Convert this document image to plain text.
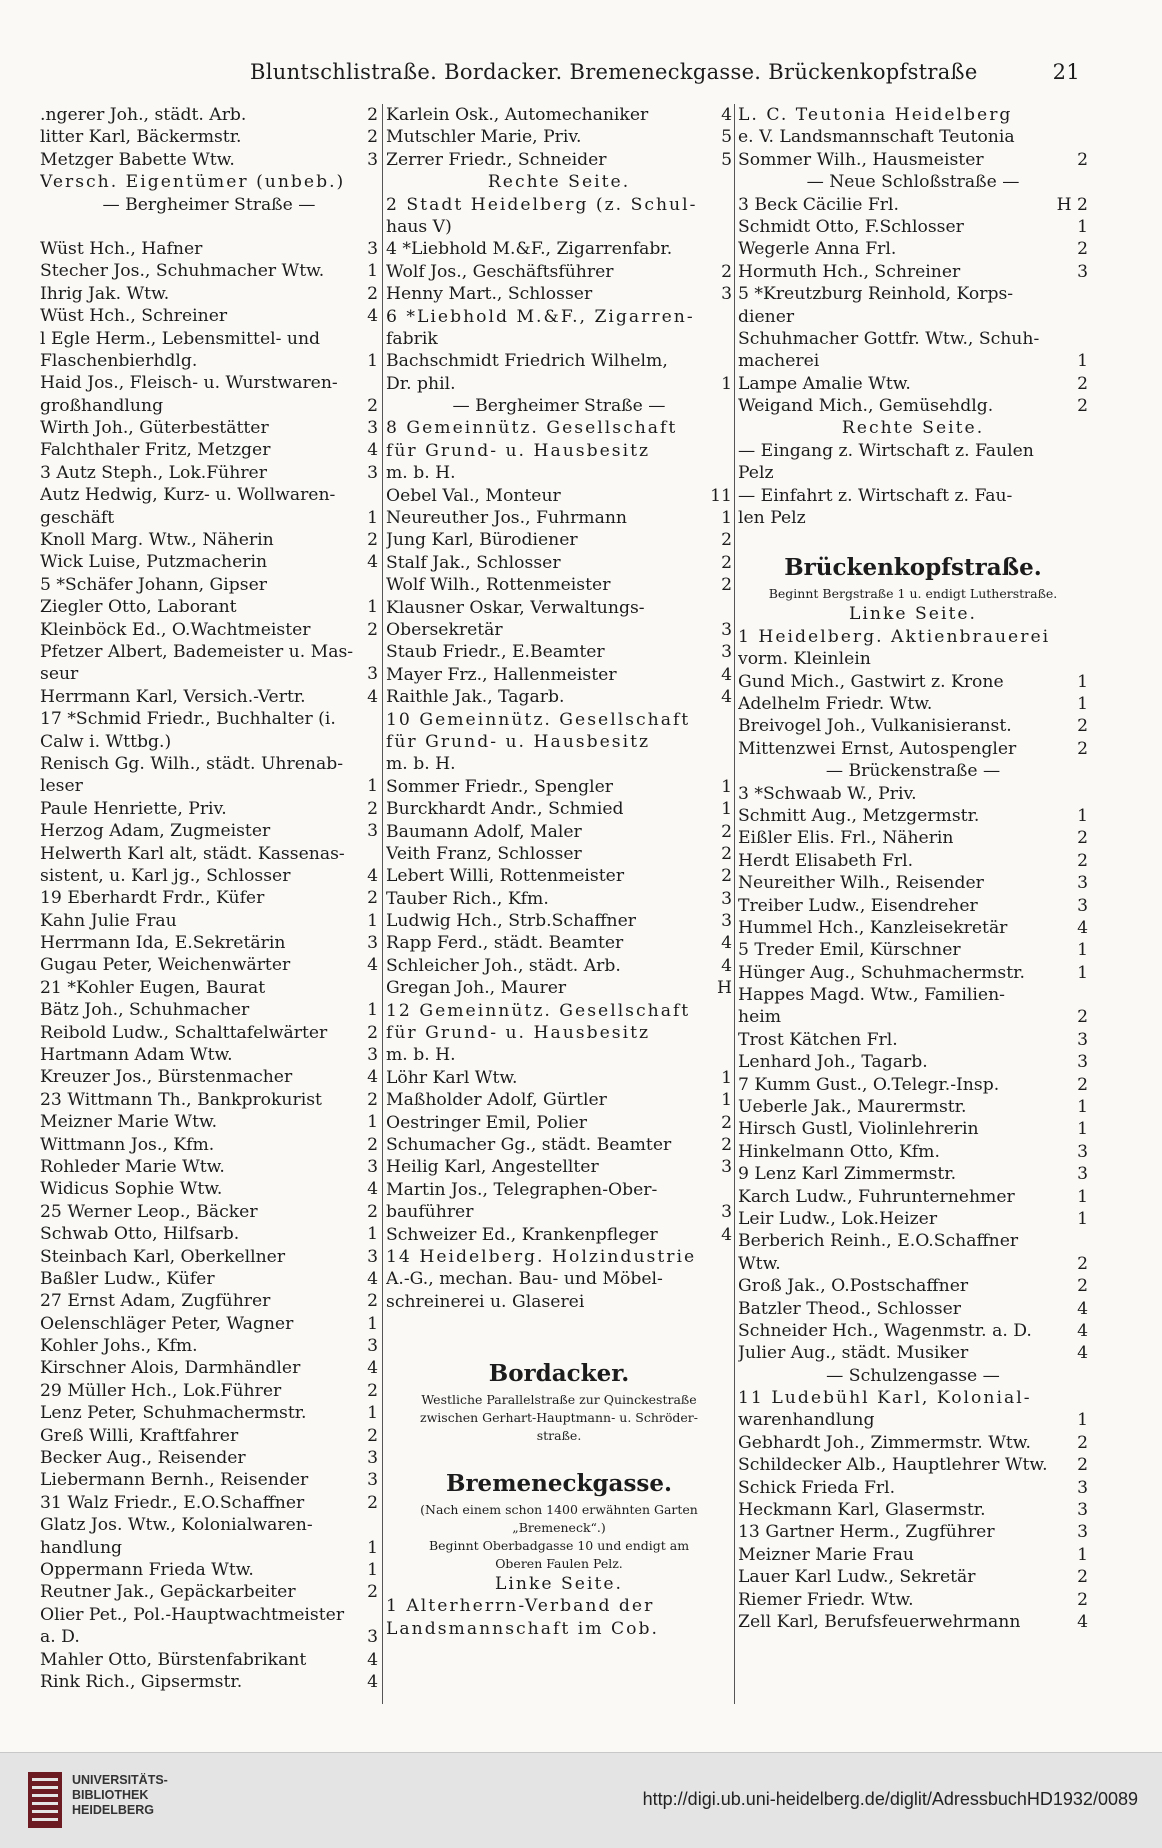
Bluntschlistraße. Bordacker. Bremeneckgasse. Brückenkopfstraße	21
.ngerer Joh., städt. Arb.	2
litter Karl, Bäckermstr.	2
Metzger Babette Wtw.	3
Versch. Eigentümer (unbeb.)
— Bergheimer Straße —
Wüst Hch., Hafner	3
Stecher Jos., Schuhmacher Wtw. 1
Ihrig Jak. Wtw.	2
Wüst Hch., Schreiner	4
l Egle Herm., Lebensmittel- und
Flaschenbierhdlg.	1
Haid Jos., Fleisch- u. Wurstwaren-
großhandlung	2
Wirth Joh., Güterbestätter	3
Falchthaler Fritz, Metzger	4
3 Autz Steph., Lok.Führer	3
Autz Hedwig, Kurz- u. Wollwaren-
geschäft	1
Knoll Marg. Wtw., Näherin	2
Wick Luise, Putzmacherin	4
5 *Schäfer Johann, Gipser
Ziegler Otto, Laborant	1
Kleinböck Ed., O.Wachtmeister	2
Pfetzer Albert, Bademeister u. Mas-
seur	3
Herrmann Karl, Versich.-Vertr.	4
17 *Schmid Friedr., Buchhalter (i.
Calw i. Wttbg.)
Renisch Gg. Wilh., städt. Uhrenab-
leser	1
Paule Henriette, Priv.	2
Herzog Adam, Zugmeister	3
Helwerth Karl alt, städt. Kassenas-
sistent, u. Karl jg., Schlosser	4
19 Eberhardt Frdr., Küfer	2
Kahn Julie Frau	1
Herrmann Ida, E.Sekretärin	3
Gugau Peter, Weichenwärter	4
21 *Kohler Eugen, Baurat
Bätz Joh., Schuhmacher	1
Reibold Ludw., Schalttafelwärter 2
Hartmann Adam Wtw.	3
Kreuzer Jos., Bürstenmacher	4
23 Wittmann Th., Bankprokurist	2
Meizner Marie Wtw.	1
Wittmann Jos., Kfm.	2
Rohleder Marie Wtw.	3
Widicus Sophie Wtw.	4
25 Werner Leop., Bäcker	2
Schwab Otto, Hilfsarb.	1
Steinbach Karl, Oberkellner	3
Baßler Ludw., Küfer	4
27 Ernst Adam, Zugführer	2
Oelenschläger Peter, Wagner	1
Kohler Johs., Kfm.	3
Kirschner Alois, Darmhändler	4
29 Müller Hch., Lok.Führer	2
Lenz Peter, Schuhmachermstr.	1
Greß Willi, Kraftfahrer	2
Becker Aug., Reisender	3
Liebermann Bernh., Reisender	3
31 Walz Friedr., E.O.Schaffner	2
Glatz Jos. Wtw., Kolonialwaren-
handlung	1
Oppermann Frieda Wtw.	1
Reutner Jak., Gepäckarbeiter	2
Olier Pet., Pol.-Hauptwachtmeister
a. D.	3
Mahler Otto, Bürstenfabrikant	4
Rink Rich., Gipsermstr.	4
Karlein Osk., Automechaniker	4
Mutschler Marie, Priv.	5
Zerrer Friedr., Schneider	5
Rechte Seite.
2 Stadt Heidelberg (z. Schul-
haus V)
4 *Liebhold M.&F., Zigarrenfabr.
Wolf Jos., Geschäftsführer	2
Henny Mart., Schlosser	3
6 *Liebhold M.&F., Zigarren-
fabrik
Bachschmidt Friedrich Wilhelm,
Dr. phil.	1
— Bergheimer Straße —
8 Gemeinnütz. Gesellschaft
für Grund- u. Hausbesitz
m. b. H.
Oebel Val., Monteur	11
Neureuther Jos., Fuhrmann	1
Jung Karl, Bürodiener	2
Stalf Jak., Schlosser	2
Wolf Wilh., Rottenmeister	2
Klausner Oskar, Verwaltungs-
Obersekretär	3
Staub Friedr., E.Beamter	3
Mayer Frz., Hallenmeister	4
Raithle Jak., Tagarb.	4
10 Gemeinnütz. Gesellschaft
für Grund- u. Hausbesitz
m. b. H.
Sommer Friedr., Spengler	1
Burckhardt Andr., Schmied	1
Baumann Adolf, Maler	2
Veith Franz, Schlosser	2
Lebert Willi, Rottenmeister	2
Tauber Rich., Kfm.	3
Ludwig Hch., Strb.Schaffner	3
Rapp Ferd., städt. Beamter	4
Schleicher Joh., städt. Arb.	4
Gregan Joh., Maurer	H
12 Gemeinnütz. Gesellschaft
für Grund- u. Hausbesitz
m. b. H.
Löhr Karl Wtw.	1
Maßholder Adolf, Gürtler	1
Oestringer Emil, Polier	2
Schumacher Gg., städt. Beamter	2
Heilig Karl, Angestellter	3
Martin Jos., Telegraphen-Ober-
bauführer	3
Schweizer Ed., Krankenpfleger	4
14 Heidelberg. Holzindustrie
A.-G., mechan. Bau- und Möbel-
schreinerei u. Glaserei
Bordacker.
Westliche Parallelstraße zur Quinckestraße
zwischen Gerhart-Hauptmann- u. Schröder-
straße.
Bremeneckgasse.
(Nach einem schon 1400 erwähnten Garten
„Bremeneck“.)
Beginnt Oberbadgasse 10 und endigt am
Oberen Faulen Pelz.
Linke Seite.
1 Alterherrn-Verband der
Landsmannschaft im Cob.
L. C. Teutonia Heidelberg
e. V. Landsmannschaft Teutonia
Sommer Wilh., Hausmeister	2
— Neue Schloßstraße —
3 Beck Cäcilie Frl.	H 2
Schmidt Otto, F.Schlosser	1
Wegerle Anna Frl.	2
Hormuth Hch., Schreiner	3
5 *Kreutzburg Reinhold, Korps-
diener
Schuhmacher Gottfr. Wtw., Schuh-
macherei	1
Lampe Amalie Wtw.	2
Weigand Mich., Gemüsehdlg.	2
Rechte Seite.
— Eingang z. Wirtschaft z. Faulen
Pelz
— Einfahrt z. Wirtschaft z. Fau-
len Pelz
Brückenkopfstraße.
Beginnt Bergstraße 1 u. endigt Lutherstraße.
Linke Seite.
1 Heidelberg. Aktienbrauerei
vorm. Kleinlein
Gund Mich., Gastwirt z. Krone	1
Adelhelm Friedr. Wtw.	1
Breivogel Joh., Vulkanisieranst.	2
Mittenzwei Ernst, Autospengler	2
— Brückenstraße —
3 *Schwaab W., Priv.
Schmitt Aug., Metzgermstr.	1
Eißler Elis. Frl., Näherin	2
Herdt Elisabeth Frl.	2
Neureither Wilh., Reisender	3
Treiber Ludw., Eisendreher	3
Hummel Hch., Kanzleisekretär	4
5 Treder Emil, Kürschner	1
Hünger Aug., Schuhmachermstr.	1
Happes Magd. Wtw., Familien-
heim	2
Trost Kätchen Frl.	3
Lenhard Joh., Tagarb.	3
7 Kumm Gust., O.Telegr.-Insp.	2
Ueberle Jak., Maurermstr.	1
Hirsch Gustl, Violinlehrerin	1
Hinkelmann Otto, Kfm.	3
9 Lenz Karl Zimmermstr.	3
Karch Ludw., Fuhrunternehmer	1
Leir Ludw., Lok.Heizer	1
Berberich Reinh., E.O.Schaffner
Wtw.	2
Groß Jak., O.Postschaffner	2
Batzler Theod., Schlosser	4
Schneider Hch., Wagenmstr. a. D.	4
Julier Aug., städt. Musiker	4
— Schulzengasse —
11 Ludebühl Karl, Kolonial-
warenhandlung	1
Gebhardt Joh., Zimmermstr. Wtw.	2
Schildecker Alb., Hauptlehrer Wtw. 2
Schick Frieda Frl.	3
Heckmann Karl, Glasermstr.	3
13 Gartner Herm., Zugführer	3
Meizner Marie Frau	1
Lauer Karl Ludw., Sekretär	2
Riemer Friedr. Wtw.	2
Zell Karl, Berufsfeuerwehrmann	4
UNIVERSITÄTS-
BIBLIOTHEK
HEIDELBERG
http://digi.ub.uni-heidelberg.de/diglit/AdressbuchHD1932/0089
